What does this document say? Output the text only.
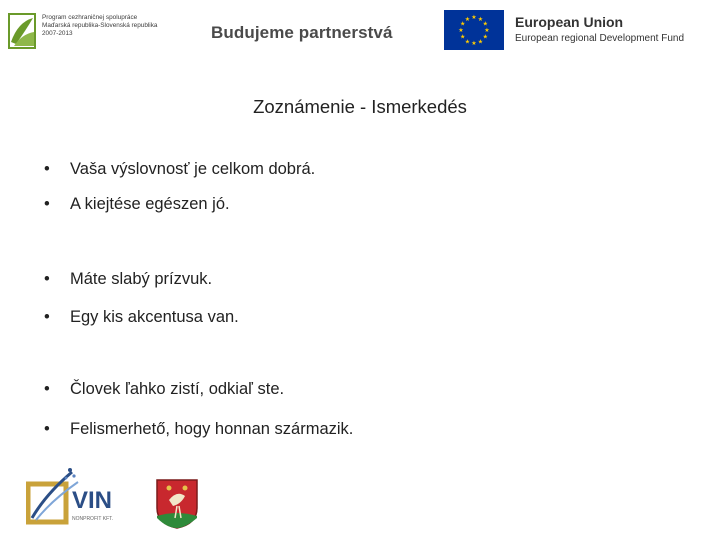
Program cezhraničnej spolupráce
Maďarská republika-Slovenská republika
2007-2013	Budujeme partnerstvá	★
★
★
★
★
★
★
★
★ ★ ★
★ European Union
European regional Development Fund
Zoznámenie - Ismerkedés
• Vaša výslovnosť je celkom dobrá.
• A kiejtése egészen jó.
• Máte slabý prízvuk.
• Egy kis akcentusa van.
• Človek ľahko zistí, odkiaľ ste.
• Felismerhető, hogy honnan származik.
VIN
NONPROFIT KFT.
